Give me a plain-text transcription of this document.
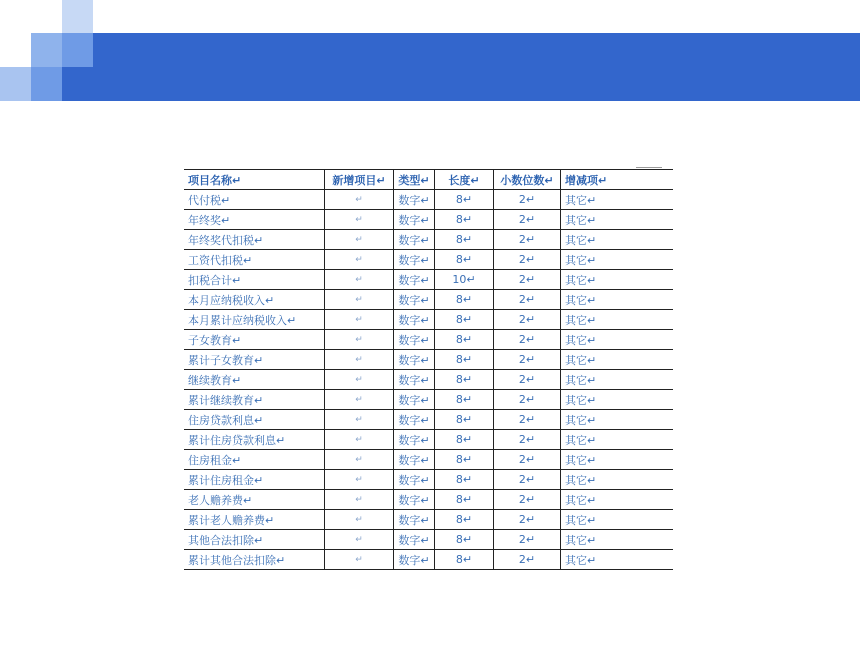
项目名称↵	新增项目↵	类型↵	长度↵	小数位数↵	增减项↵
代付税↵	↵	数字↵	8↵	2↵	其它↵
年终奖↵	↵	数字↵	8↵	2↵	其它↵
年终奖代扣税↵	↵	数字↵	8↵	2↵	其它↵
工资代扣税↵	↵	数字↵	8↵	2↵	其它↵
扣税合计↵	↵	数字↵	10↵	2↵	其它↵
本月应纳税收入↵	↵	数字↵	8↵	2↵	其它↵
本月累计应纳税收入↵	↵	数字↵	8↵	2↵	其它↵
子女教育↵	↵	数字↵	8↵	2↵	其它↵
累计子女教育↵	↵	数字↵	8↵	2↵	其它↵
继续教育↵	↵	数字↵	8↵	2↵	其它↵
累计继续教育↵	↵	数字↵	8↵	2↵	其它↵
住房贷款利息↵	↵	数字↵	8↵	2↵	其它↵
累计住房贷款利息↵	↵	数字↵	8↵	2↵	其它↵
住房租金↵	↵	数字↵	8↵	2↵	其它↵
累计住房租金↵	↵	数字↵	8↵	2↵	其它↵
老人赡养费↵	↵	数字↵	8↵	2↵	其它↵
累计老人赡养费↵	↵	数字↵	8↵	2↵	其它↵
其他合法扣除↵	↵	数字↵	8↵	2↵	其它↵
累计其他合法扣除↵	↵	数字↵	8↵	2↵	其它↵
